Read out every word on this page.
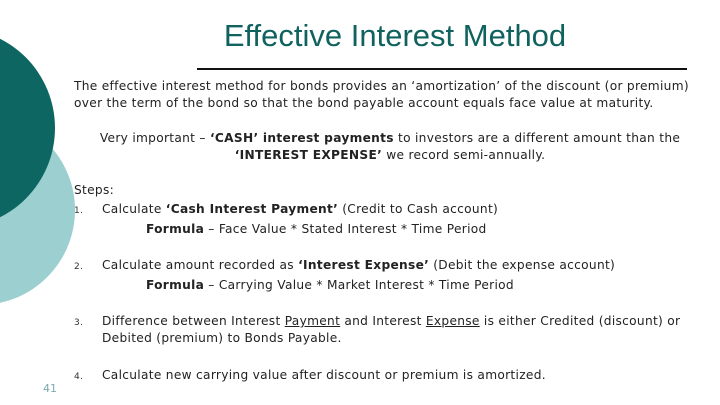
Effective Interest Method
The effective interest method for bonds provides an ‘amortization’ of the discount (or premium) over the term of the bond so that the bond payable account equals face value at maturity.
Very important – ‘CASH’ interest payments to investors are a different amount than the ‘INTEREST EXPENSE’ we record semi-annually.
Steps:
1. Calculate ‘Cash Interest Payment’ (Credit to Cash account)
Formula – Face Value * Stated Interest * Time Period
2. Calculate amount recorded as ‘Interest Expense’ (Debit the expense account)
Formula – Carrying Value * Market Interest * Time Period
3. Difference between Interest Payment and Interest Expense is either Credited (discount) or Debited (premium) to Bonds Payable.
4. Calculate new carrying value after discount or premium is amortized.
41
